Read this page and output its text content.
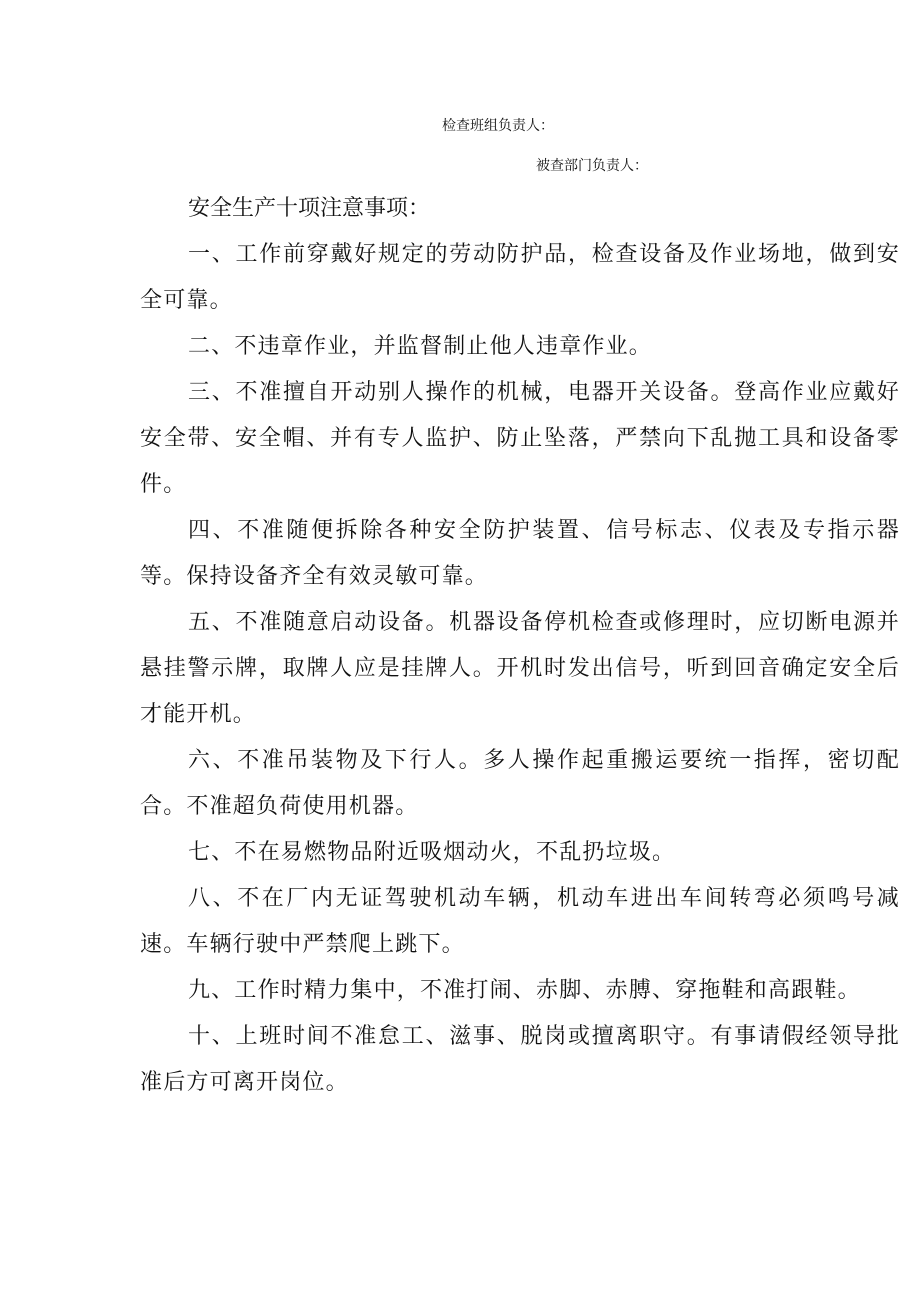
检查班组负责人：
被查部门负责人：

安全生产十项注意事项：

一、工作前穿戴好规定的劳动防护品，检查设备及作业场地，做到安全可靠。

二、不违章作业，并监督制止他人违章作业。

三、不准擅自开动别人操作的机械，电器开关设备。登高作业应戴好安全带、安全帽、并有专人监护、防止坠落，严禁向下乱抛工具和设备零件。

四、不准随便拆除各种安全防护装置、信号标志、仪表及专指示器等。保持设备齐全有效灵敏可靠。

五、不准随意启动设备。机器设备停机检查或修理时，应切断电源并悬挂警示牌，取牌人应是挂牌人。开机时发出信号，听到回音确定安全后才能开机。

六、不准吊装物及下行人。多人操作起重搬运要统一指挥，密切配合。不准超负荷使用机器。

七、不在易燃物品附近吸烟动火，不乱扔垃圾。

八、不在厂内无证驾驶机动车辆，机动车进出车间转弯必须鸣号减速。车辆行驶中严禁爬上跳下。

九、工作时精力集中，不准打闹、赤脚、赤膊、穿拖鞋和高跟鞋。

十、上班时间不准怠工、滋事、脱岗或擅离职守。有事请假经领导批准后方可离开岗位。
